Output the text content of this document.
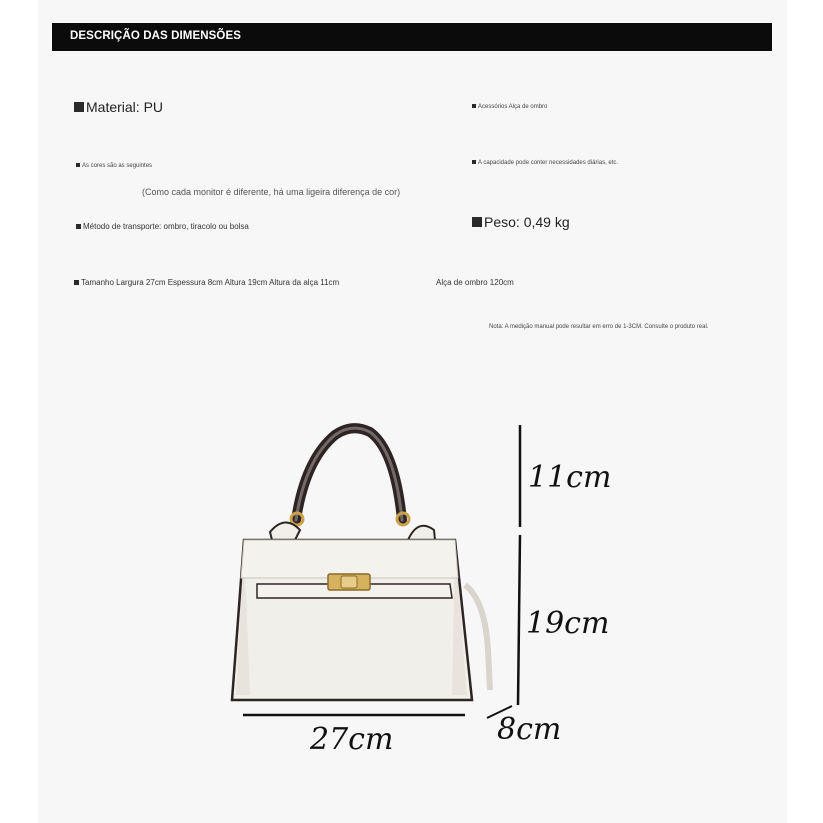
DESCRIÇÃO DAS DIMENSÕES
Material: PU	Acessórios Alça de ombro
As cores são as seguintes	A capacidade pode conter necessidades diárias, etc.
(Como cada monitor é diferente, há uma ligeira diferença de cor)
Método de transporte: ombro, tiracolo ou bolsa	Peso: 0,49 kg
Tamanho Largura 27cm Espessura 8cm Altura 19cm Altura da alça 11cm	Alça de ombro 120cm
Nota: A medição manual pode resultar em erro de 1-3CM. Consulte o produto real.
11cm
19cm
27cm	8cm
